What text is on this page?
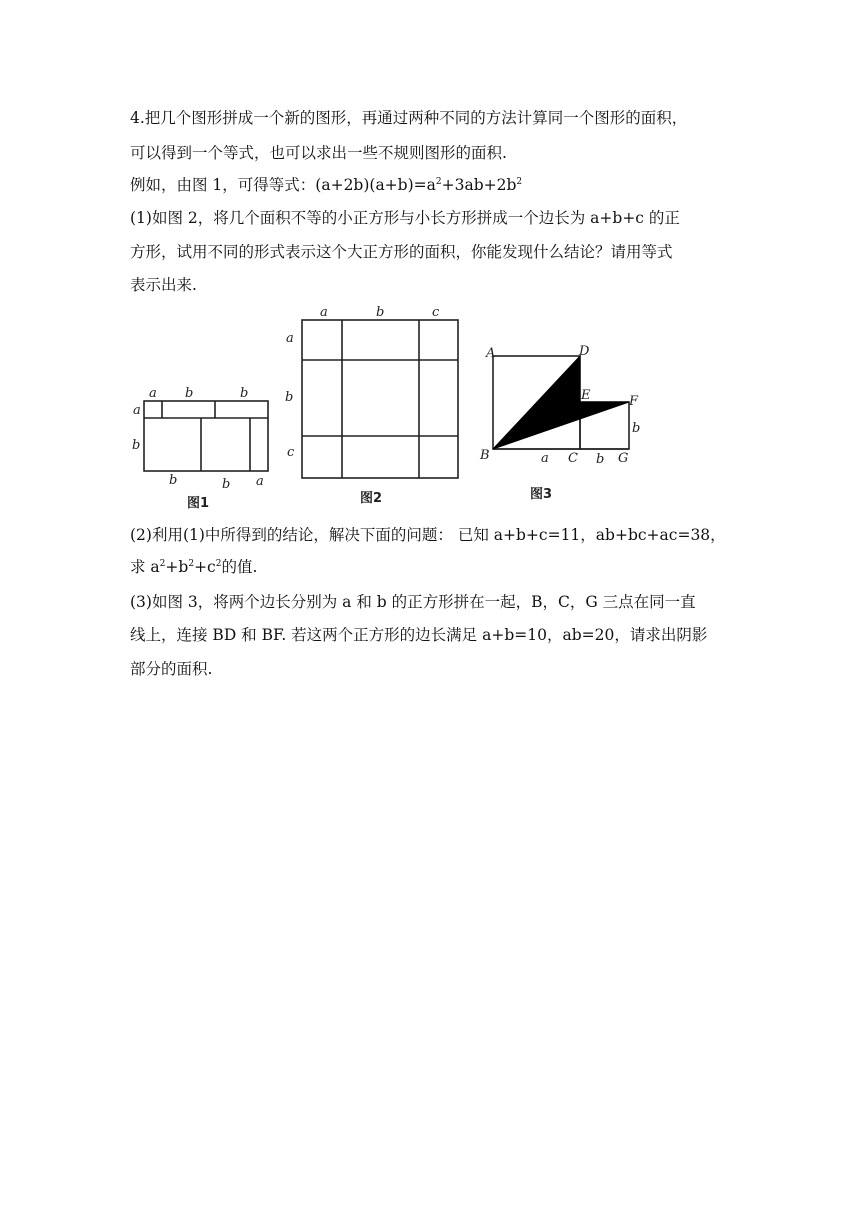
4.把几个图形拼成一个新的图形，再通过两种不同的方法计算同一个图形的面积，
可以得到一个等式，也可以求出一些不规则图形的面积.
例如，由图 1，可得等式：$(a+2b)(a+b)=a^2+3ab+2b^2$
(1)如图 2，将几个面积不等的小正方形与小长方形拼成一个边长为 a+b+c 的正
方形，试用不同的形式表示这个大正方形的面积，你能发现什么结论？请用等式
表示出来.
a b	b
a
b
b	b a
图1
a	b	c
a
b
c
图2
A	D
E	F
B	C	G
a	b
b
图3
(2)利用(1)中所得到的结论，解决下面的问题： 已知 a+b+c=11，ab+bc+ac=38，
求 $a^2+b^2+c^2$的值.
(3)如图 3，将两个边长分别为 a 和 b 的正方形拼在一起，B，C，G 三点在同一直
线上，连接 BD 和 BF. 若这两个正方形的边长满足 a+b=10，ab=20，请求出阴影
部分的面积.
